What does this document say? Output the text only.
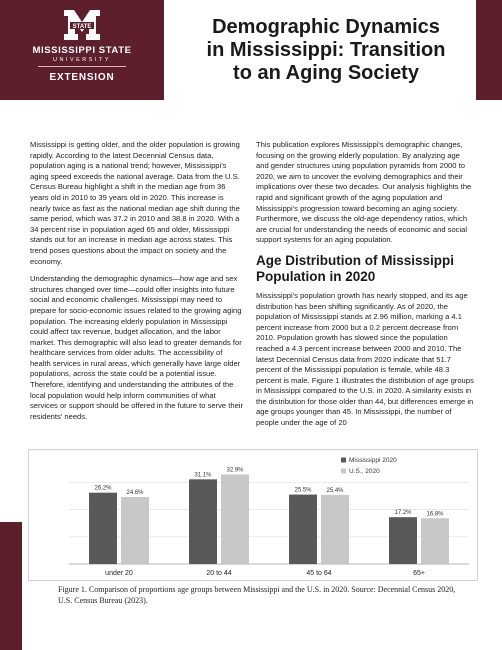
STATE
MISSISSIPPI STATE
UNIVERSITY
EXTENSION
Demographic Dynamics
in Mississippi: Transition
to an Aging Society

Mississippi is getting older, and the older population is growing rapidly. According to the latest Decennial Census data, population aging is a national trend; however, Mississippi's aging speed exceeds the national average. Data from the U.S. Census Bureau highlight a shift in the median age from 36 years old in 2010 to 39 years old in 2020. This increase is nearly twice as fast as the national median age shift during the same period, which was 37.2 in 2010 and 38.8 in 2020. With a 34 percent rise in population aged 65 and older, Mississippi stands out for an increase in median age across states. This trend poses questions about the impact on society and the economy.

Understanding the demographic dynamics—how age and sex structures changed over time—could offer insights into future social and economic challenges. Mississippi may need to prepare for socio-economic issues related to the growing aging population. The increasing elderly population in Mississippi could affect tax revenue, budget allocation, and the labor market. This demographic will also lead to greater demands for healthcare services from older adults. The accessibility of health services in rural areas, which generally have large older populations, across the state could be a potential issue. Therefore, identifying and understanding the attributes of the local population would help inform communities of what services or support should be offered in the future to serve their residents' needs.

This publication explores Mississippi's demographic changes, focusing on the growing elderly population. By analyzing age and gender structures using population pyramids from 2000 to 2020, we aim to uncover the evolving demographics and their implications over these two decades. Our analysis highlights the rapid and significant growth of the aging population and Mississippi's progression toward becoming an aging society. Furthermore, we discuss the old-age dependency ratios, which are crucial for understanding the needs of economic and social support systems for an aging population.

Age Distribution of Mississippi Population in 2020

Mississippi's population growth has nearly stopped, and its age distribution has been shifting significantly. As of 2020, the population of Mississippi stands at 2.96 million, marking a 4.1 percent increase from 2000 but a 0.2 percent decrease from 2010. Population growth has slowed since the population reached a 4.3 percent increase between 2000 and 2010. The latest Decennial Census data from 2020 indicate that 51.7 percent of the Mississippi population is female, while 48.3 percent is male. Figure 1 illustrates the distribution of age groups in Mississippi compared to the U.S. in 2020. A similarity exists in the distribution for those older than 44, but differences emerge in age groups younger than 45. In Mississippi, the number of people under the age of 20

26.2%
24.6%
under 20
31.1%
32.9%
20 to 44
25.5% 25.4%
45 to 64
17.2% 16.8%
65+
Mississippi 2020
U.S., 2020
Figure 1. Comparison of proportions age groups between Mississippi and the U.S. in 2020. Source: Decennial Census 2020, U.S. Census Bureau (2023).
